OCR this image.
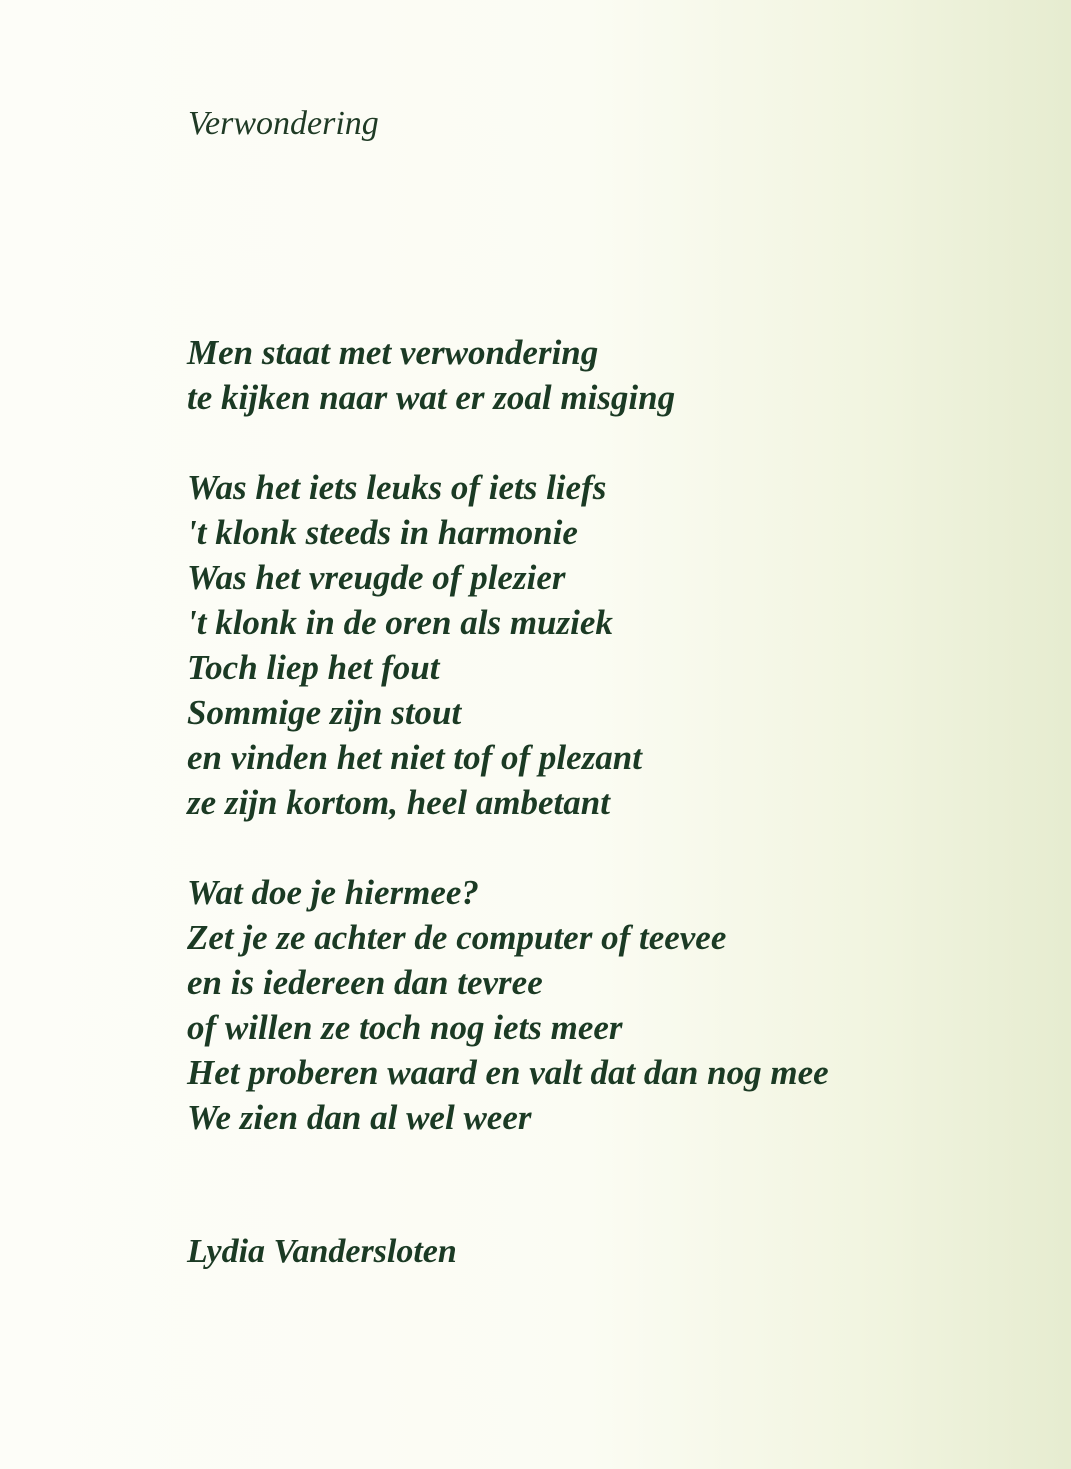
Verwondering
Men staat met verwondering
te kijken naar wat er zoal misging
Was het iets leuks of iets liefs
't klonk steeds in harmonie
Was het vreugde of plezier
't klonk in de oren als muziek
Toch liep het fout
Sommige zijn stout
en vinden het niet tof of plezant
ze zijn kortom, heel ambetant
Wat doe je hiermee?
Zet je ze achter de computer of teevee
en is iedereen dan tevree
of willen ze toch nog iets meer
Het proberen waard en valt dat dan nog mee
We zien dan al wel weer

Lydia Vandersloten
